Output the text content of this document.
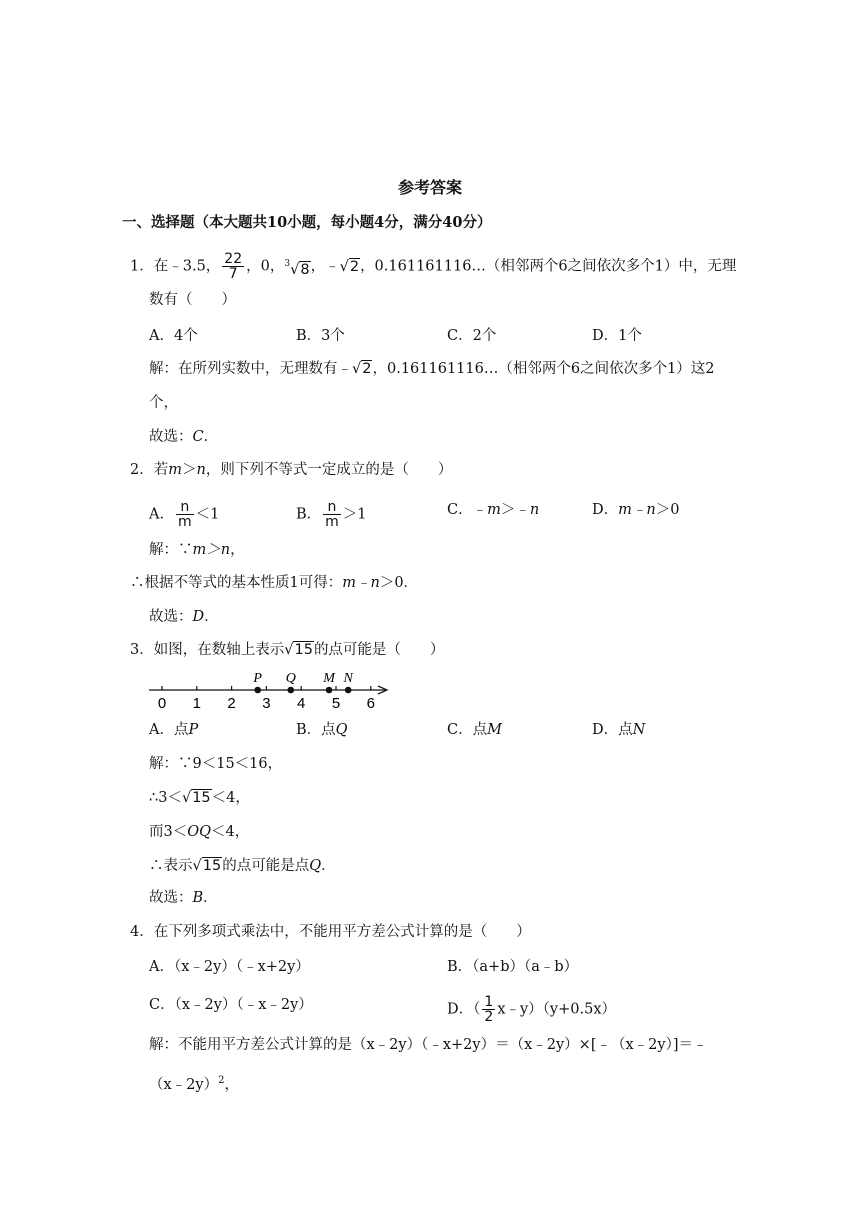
参考答案
一、选择题（本大题共10小题，每小题4分，满分40分）
1．在﹣3.5， $\frac{22}{7}$ ，0，$^3$√8，﹣√2，0.161161116…（相邻两个6之间依次多个1）中，无理
数有（　　）
A．4个	B．3个	C．2个	D．1个
解：在所列实数中，无理数有﹣√2，0.161161116…（相邻两个6之间依次多个1）这2
个，
故选：C．
2．若m＞n，则下列不等式一定成立的是（　　）
A． $\frac{n}{m} <1$	B． $\frac{n}{m} >1$	C．﹣m＞﹣n	D．m﹣n＞0
解：∵m＞n，
∴根据不等式的基本性质1可得：m﹣n＞0．
故选：D．
3．如图，在数轴上表示√15的点可能是（　　）
0 1 2 3 4 5 6
P Q M N
A．点P	B．点Q	C．点M	D．点N
解：∵9＜15＜16，
∴3＜√15＜4，
而3＜OQ＜4，
∴表示√15的点可能是点Q．
故选：B．
4．在下列多项式乘法中，不能用平方差公式计算的是（　　）
A．（x﹣2y）（﹣x+2y）	B．（a+b）（a﹣b）
C．（x﹣2y）（﹣x﹣2y）	D．（ $\frac{1}{2}$ x﹣y）（y+0.5x）
解：不能用平方差公式计算的是（x﹣2y）（﹣x+2y）＝（x﹣2y）×[﹣（x﹣2y）]＝﹣
（x﹣2y）$^2$，
